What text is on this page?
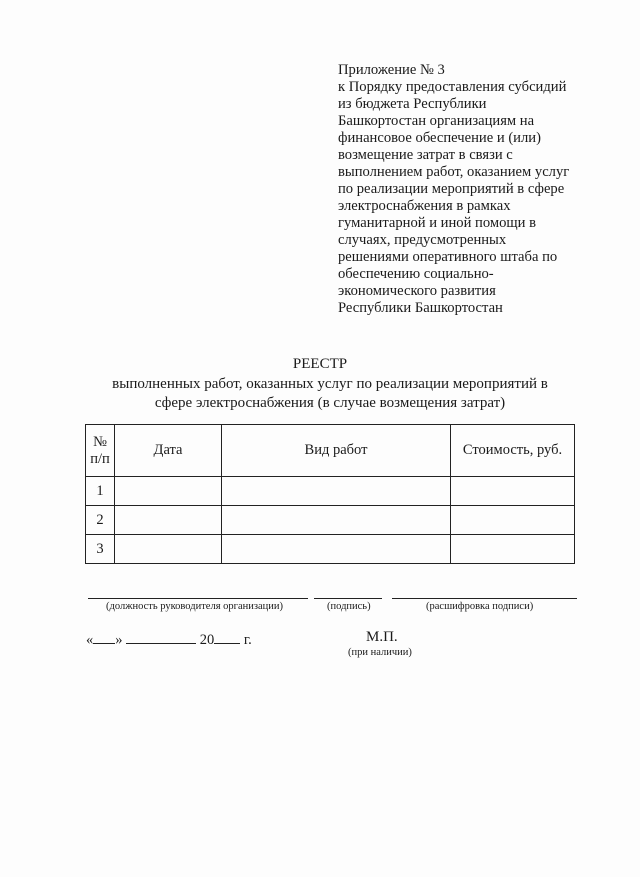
Приложение № 3
к Порядку предоставления субсидий
из бюджета Республики
Башкортостан организациям на
финансовое обеспечение и (или)
возмещение затрат в связи с
выполнением работ, оказанием услуг
по реализации мероприятий в сфере
электроснабжения в рамках
гуманитарной и иной помощи в
случаях, предусмотренных
решениями оперативного штаба по
обеспечению социально-
экономического развития
Республики Башкортостан
РЕЕСТР
выполненных работ, оказанных услуг по реализации мероприятий в
сфере электроснабжения (в случае возмещения затрат)
№
п/п	Дата	Вид работ	Стоимость, руб.
1			
2			
3			
(должность руководителя организации)	(подпись)	(расшифровка подписи)
« »	20 г.	М.П.
(при наличии)
